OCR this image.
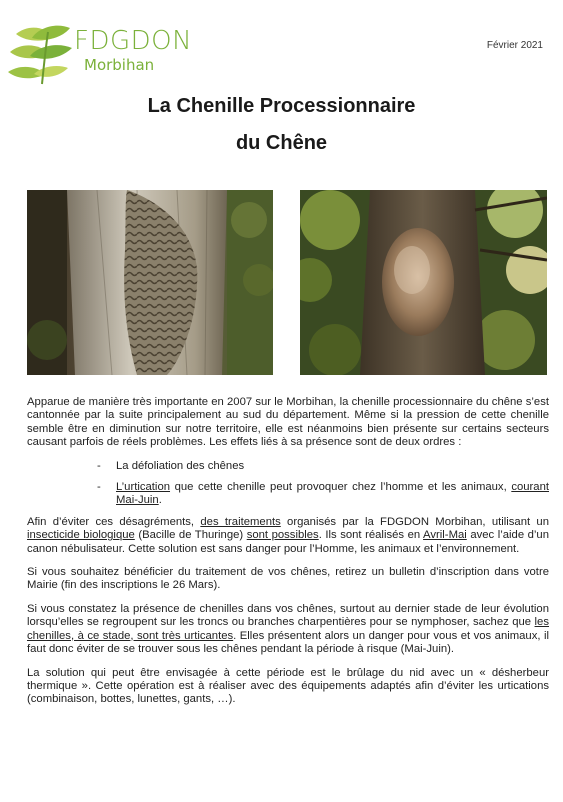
FDGDON
Morbihan
Février 2021
La Chenille Processionnaire
du Chêne

Apparue de manière très importante en 2007 sur le Morbihan, la chenille processionnaire du chêne s’est cantonnée par la suite principalement au sud du département. Même si la pression de cette chenille semble être en diminution sur notre territoire, elle est néanmoins bien présente sur certains secteurs causant parfois de réels problèmes. Les effets liés à sa présence sont de deux ordres :

- La défoliation des chênes
- L’urtication que cette chenille peut provoquer chez l’homme et les animaux, courant Mai-Juin.

Afin d’éviter ces désagréments, des traitements organisés par la FDGDON Morbihan, utilisant un insecticide biologique (Bacille de Thuringe) sont possibles. Ils sont réalisés en Avril-Mai avec l’aide d’un canon nébulisateur. Cette solution est sans danger pour l’Homme, les animaux et l’environnement.

Si vous souhaitez bénéficier du traitement de vos chênes, retirez un bulletin d’inscription dans votre Mairie (fin des inscriptions le 26 Mars).

Si vous constatez la présence de chenilles dans vos chênes, surtout au dernier stade de leur évolution lorsqu’elles se regroupent sur les troncs ou branches charpentières pour se nymphoser, sachez que les chenilles, à ce stade, sont très urticantes. Elles présentent alors un danger pour vous et vos animaux, il faut donc éviter de se trouver sous les chênes pendant la période à risque (Mai-Juin).

La solution qui peut être envisagée à cette période est le brûlage du nid avec un « désherbeur thermique ». Cette opération est à réaliser avec des équipements adaptés afin d’éviter les urtications (combinaison, bottes, lunettes, gants, …).
